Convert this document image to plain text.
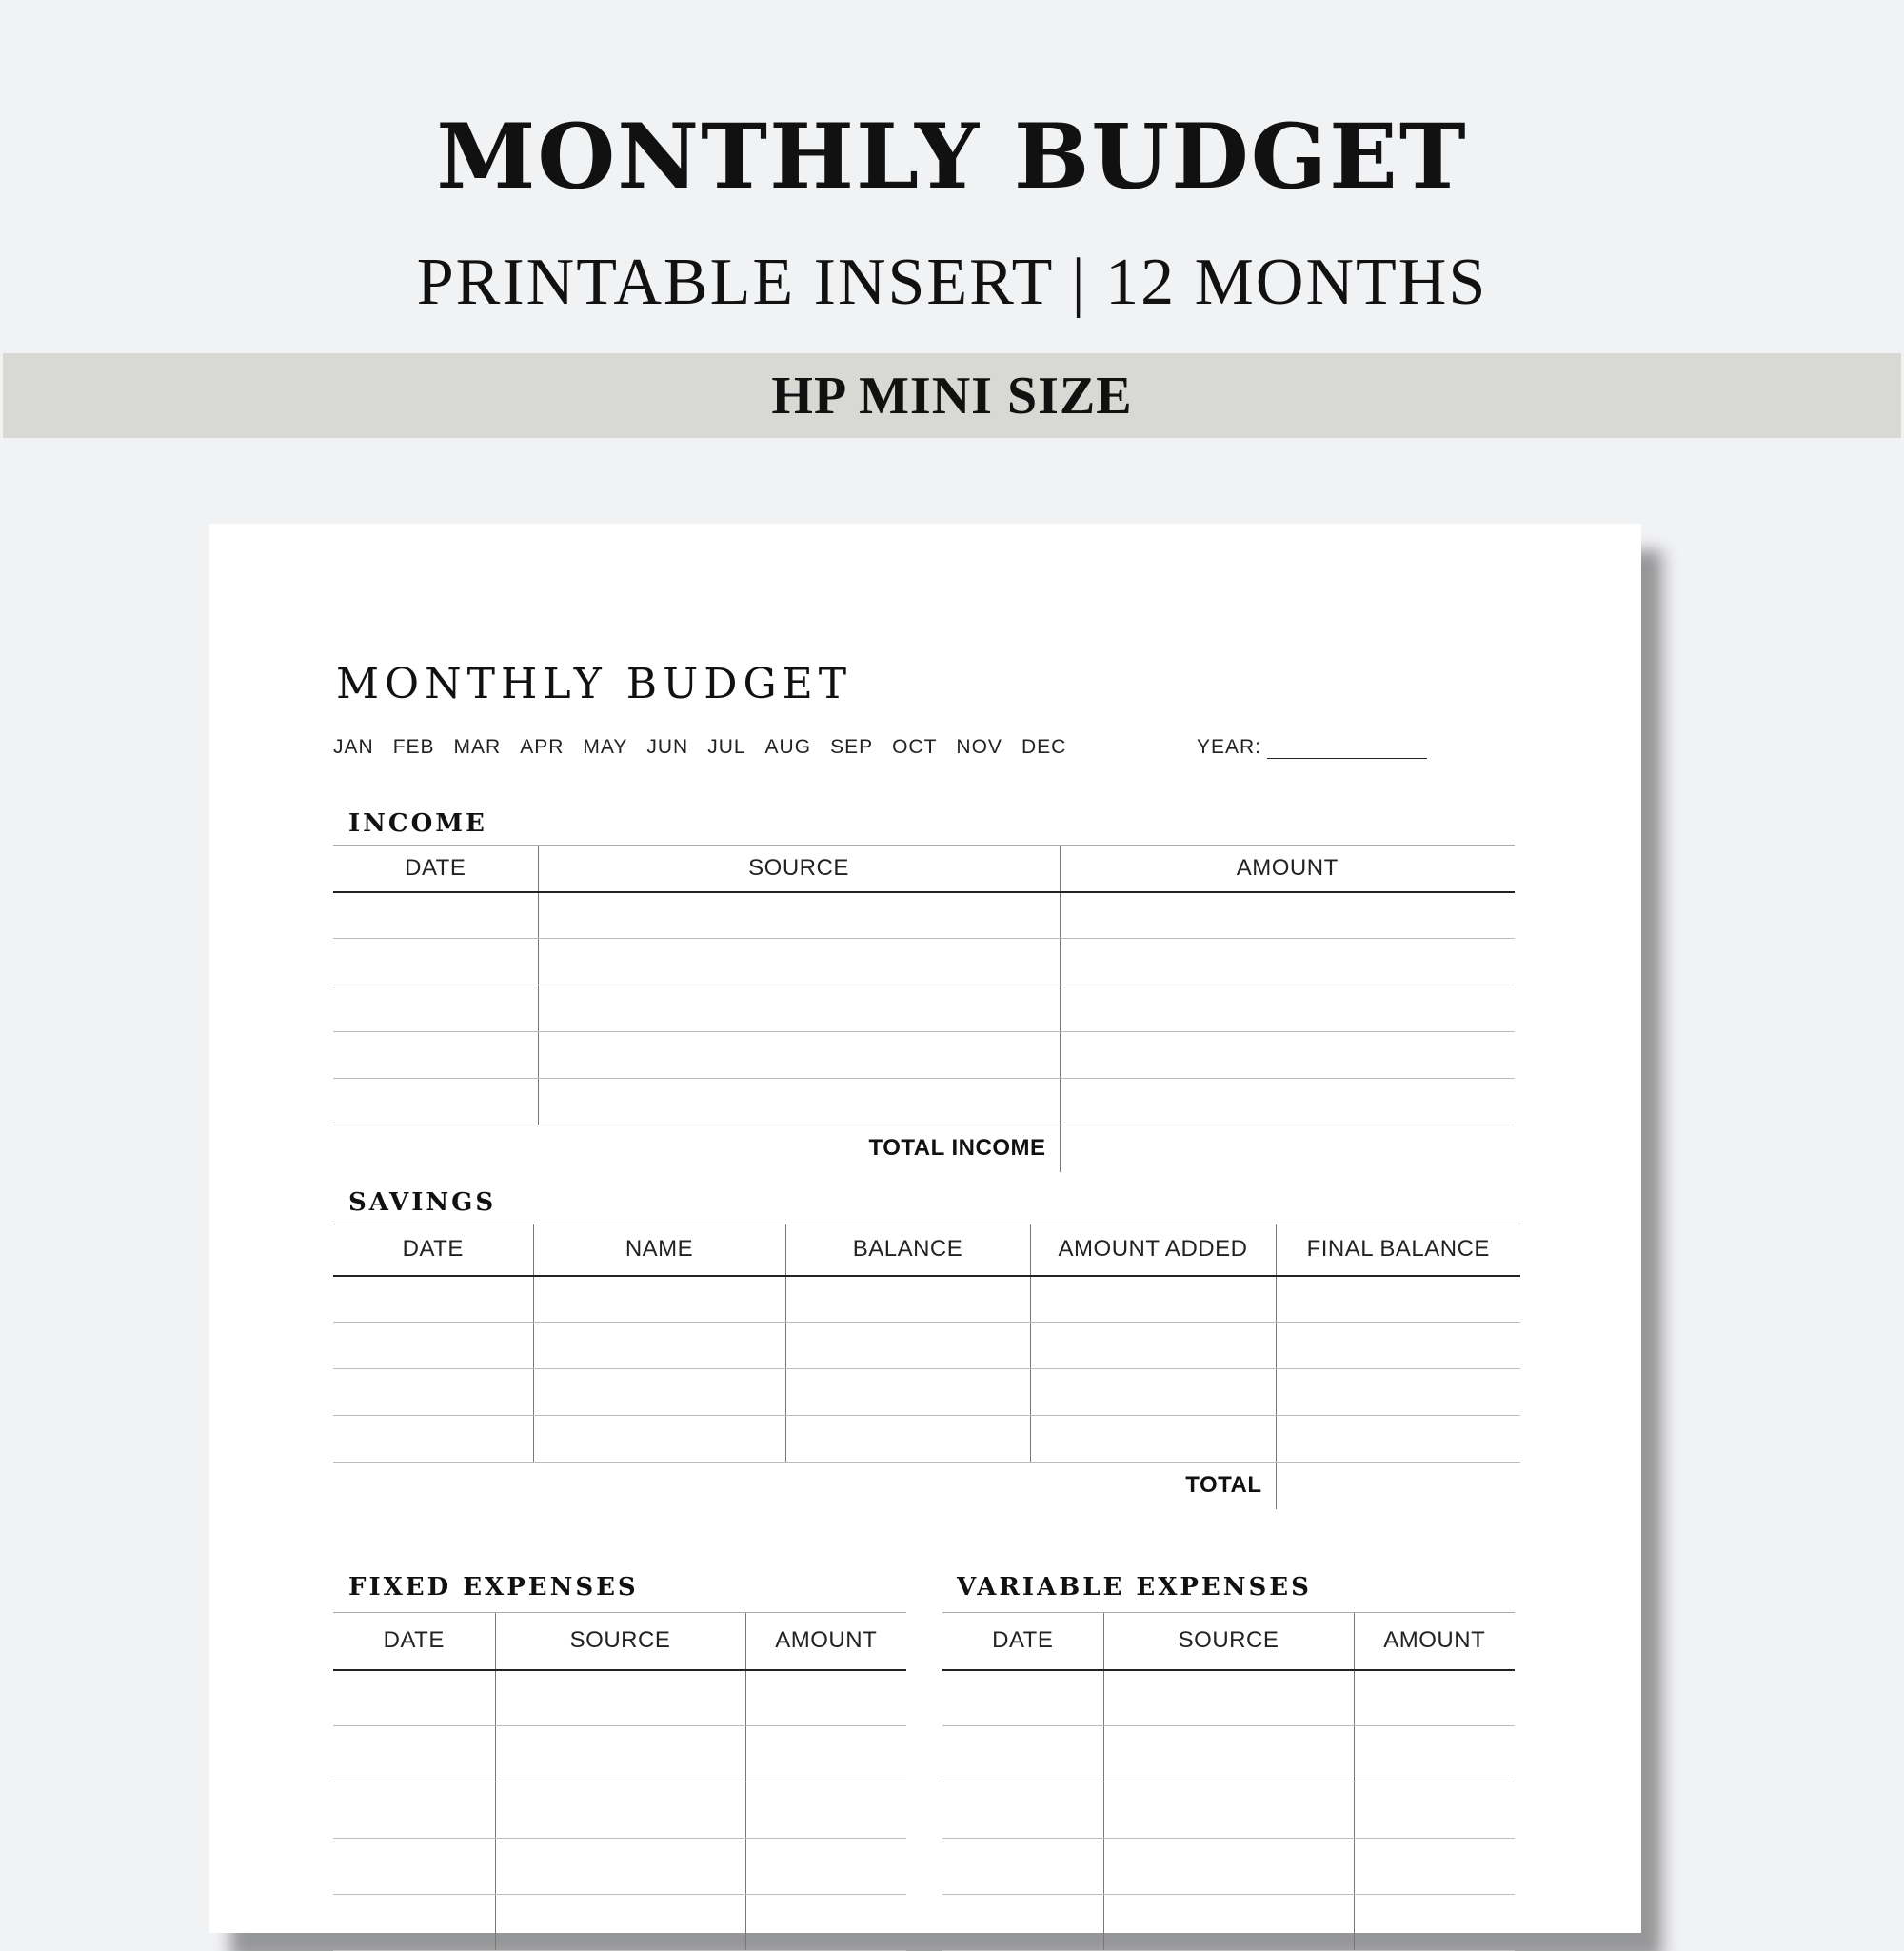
MONTHLY BUDGET
PRINTABLE INSERT | 12 MONTHS
HP MINI SIZE
MONTHLY BUDGET
JAN FEB MAR APR MAY JUN JUL AUG SEP OCT NOV DEC	YEAR:
INCOME
DATE	SOURCE	AMOUNT

TOTAL INCOME		
SAVINGS
DATE	NAME	BALANCE	AMOUNT ADDED	FINAL BALANCE

TOTAL				
FIXED EXPENSES
DATE	SOURCE	AMOUNT

VARIABLE EXPENSES
DATE	SOURCE	AMOUNT
